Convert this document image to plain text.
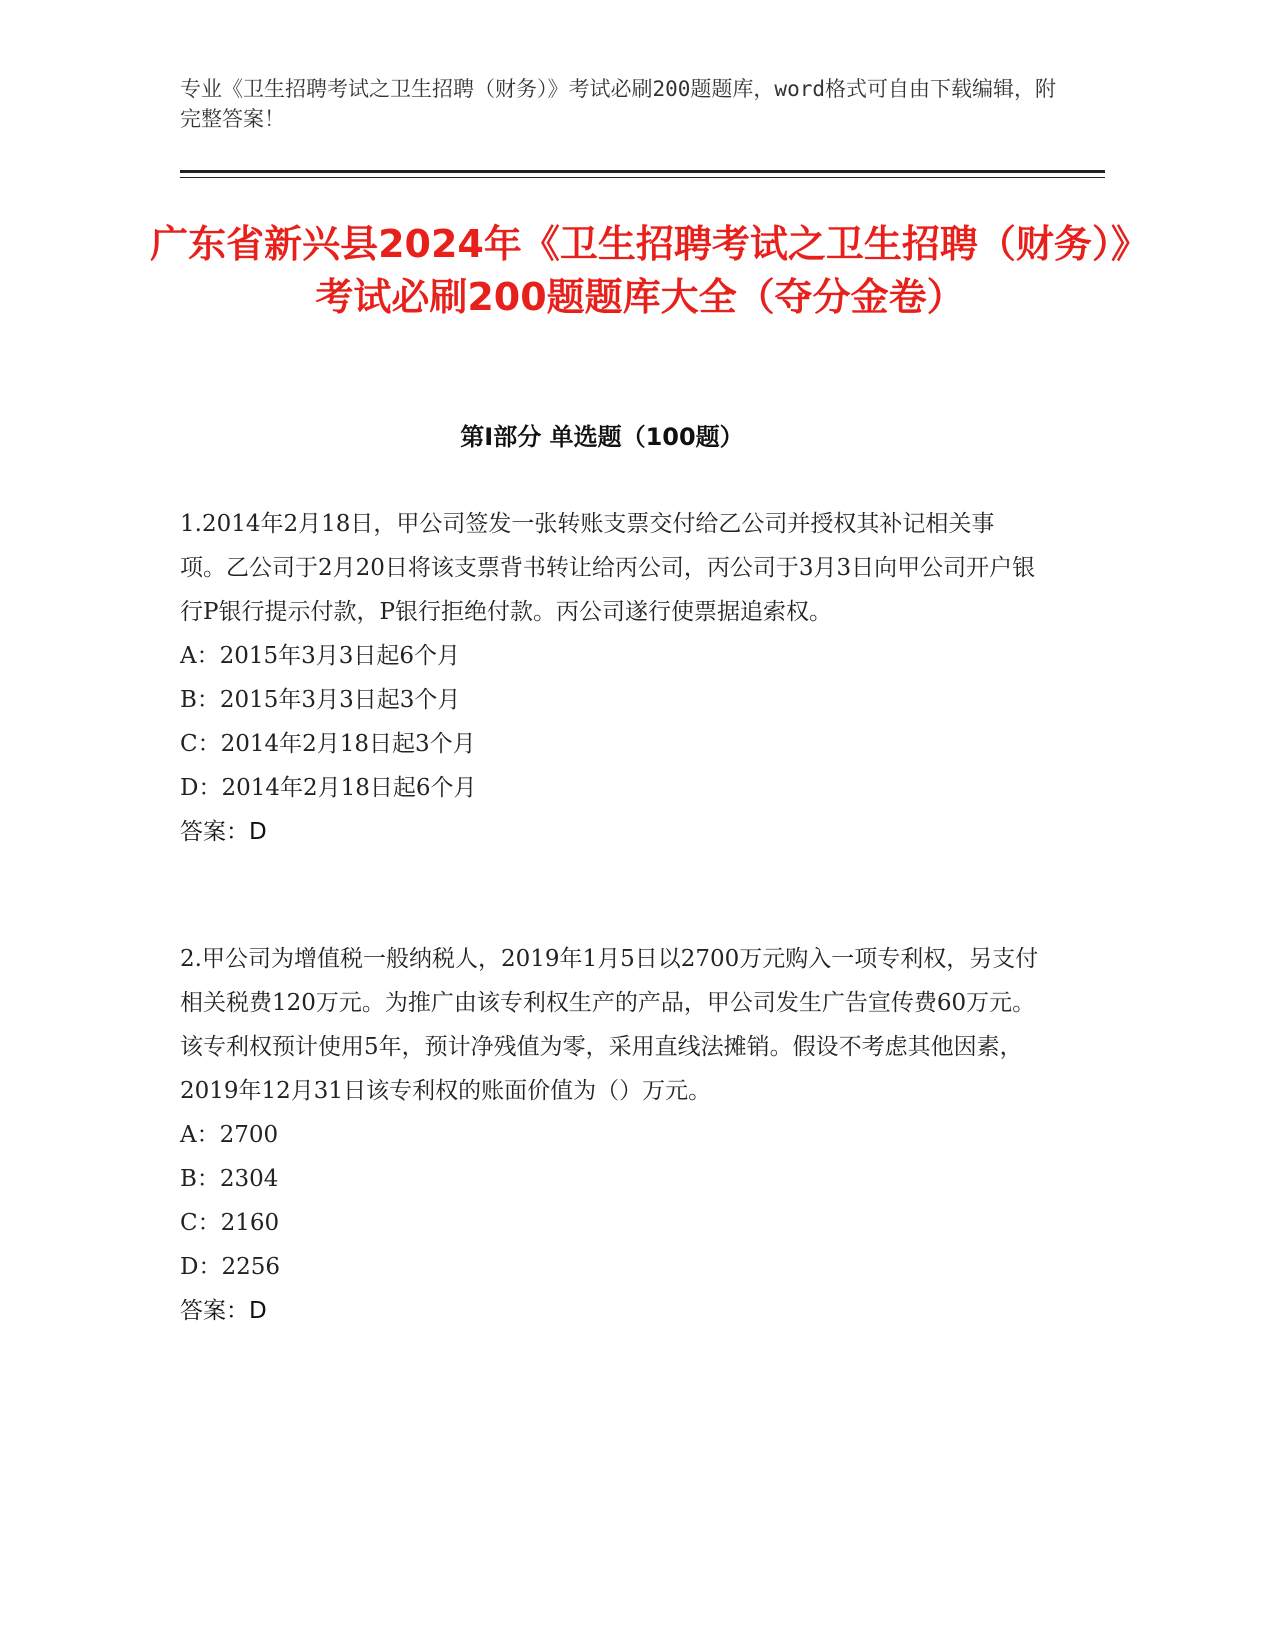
专业《卫生招聘考试之卫生招聘（财务）》考试必刷200题题库，word格式可自由下载编辑，附完整答案！
广东省新兴县2024年《卫生招聘考试之卫生招聘（财务）》考试必刷200题题库大全（夺分金卷）
第Ⅰ部分 单选题（100题）

1.2014年2月18日，甲公司签发一张转账支票交付给乙公司并授权其补记相关事项。乙公司于2月20日将该支票背书转让给丙公司，丙公司于3月3日向甲公司开户银行P银行提示付款，P银行拒绝付款。丙公司遂行使票据追索权。

A：2015年3月3日起6个月

B：2015年3月3日起3个月

C：2014年2月18日起3个月

D：2014年2月18日起6个月

答案：D

2.甲公司为增值税一般纳税人，2019年1月5日以2700万元购入一项专利权，另支付相关税费120万元。为推广由该专利权生产的产品，甲公司发生广告宣传费60万元。该专利权预计使用5年，预计净残值为零，采用直线法摊销。假设不考虑其他因素，2019年12月31日该专利权的账面价值为（）万元。

A：2700

B：2304

C：2160

D：2256

答案：D
